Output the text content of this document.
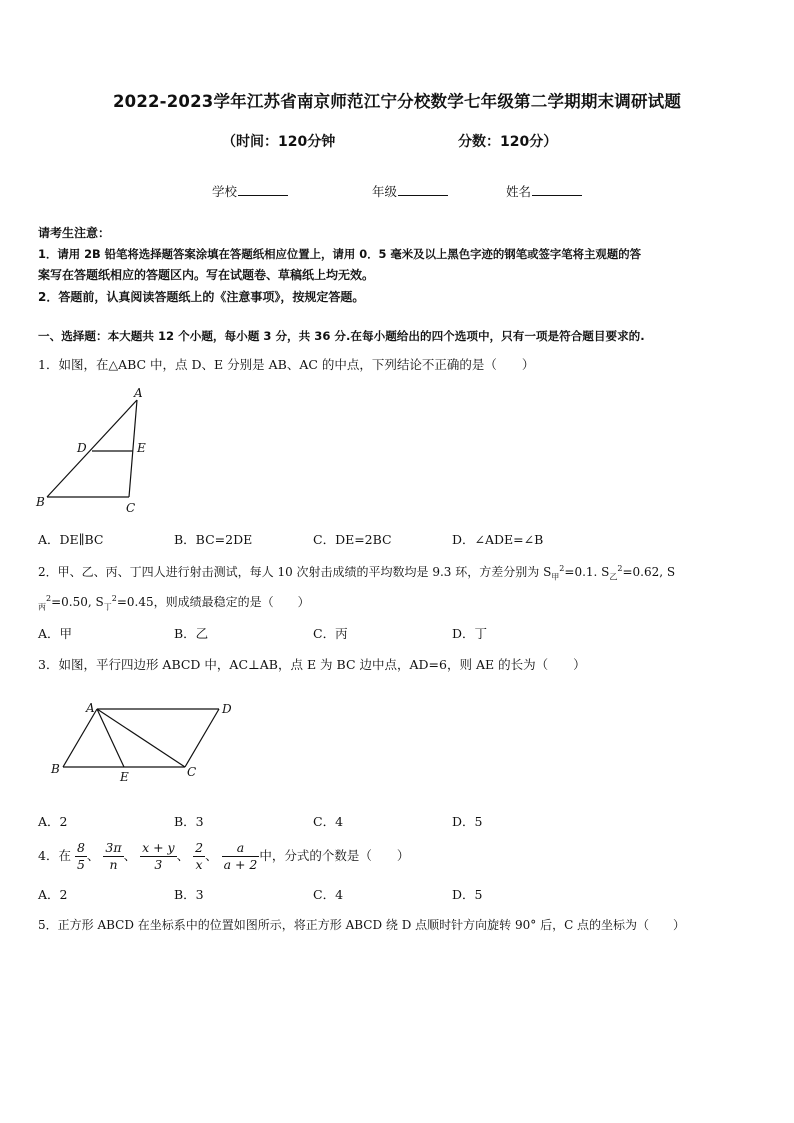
2022-2023学年江苏省南京师范江宁分校数学七年级第二学期期末调研试题
（时间：120分钟	分数：120分）
学校	年级	姓名
请考生注意：
1．请用 2B 铅笔将选择题答案涂填在答题纸相应位置上，请用 0．5 毫米及以上黑色字迹的钢笔或签字笔将主观题的答
案写在答题纸相应的答题区内。写在试题卷、草稿纸上均无效。
2．答题前，认真阅读答题纸上的《注意事项》，按规定答题。
一、选择题：本大题共 12 个小题，每小题 3 分，共 36 分.在每小题给出的四个选项中，只有一项是符合题目要求的.
1．如图，在△ABC 中，点 D、E 分别是 AB、AC 的中点，下列结论不正确的是（　　）
A
B	C
D	E
A．DE∥BC	B．BC=2DE	C．DE=2BC	D．∠ADE=∠B
2．甲、乙、丙、丁四人进行射击测试，每人 10 次射击成绩的平均数均是 9.3 环，方差分别为 $S_甲^2=0.1$. $S_乙^2=0.62$, S
$_丙^2$=0.50, $S_丁^2=0.45$，则成绩最稳定的是（　　）
A．甲	B．乙	C．丙	D．丁
3．如图，平行四边形 ABCD 中，AC⊥AB，点 E 为 BC 边中点，AD=6，则 AE 的长为（　　）
A
B	C
D
E
A．2	B．3	C．4	D．5
4．在 $\frac{8}{5}$ 、 $\frac{3\pi}{n}$ 、 $\frac{x + y}{3}$ 、 $\frac{2}{x}$ 、 $\frac{a}{a + 2}$ 中，分式的个数是（　　）
A．2	B．3	C．4	D．5
5．正方形 ABCD 在坐标系中的位置如图所示，将正方形 ABCD 绕 D 点顺时针方向旋转 90° 后，C 点的坐标为（　　）
